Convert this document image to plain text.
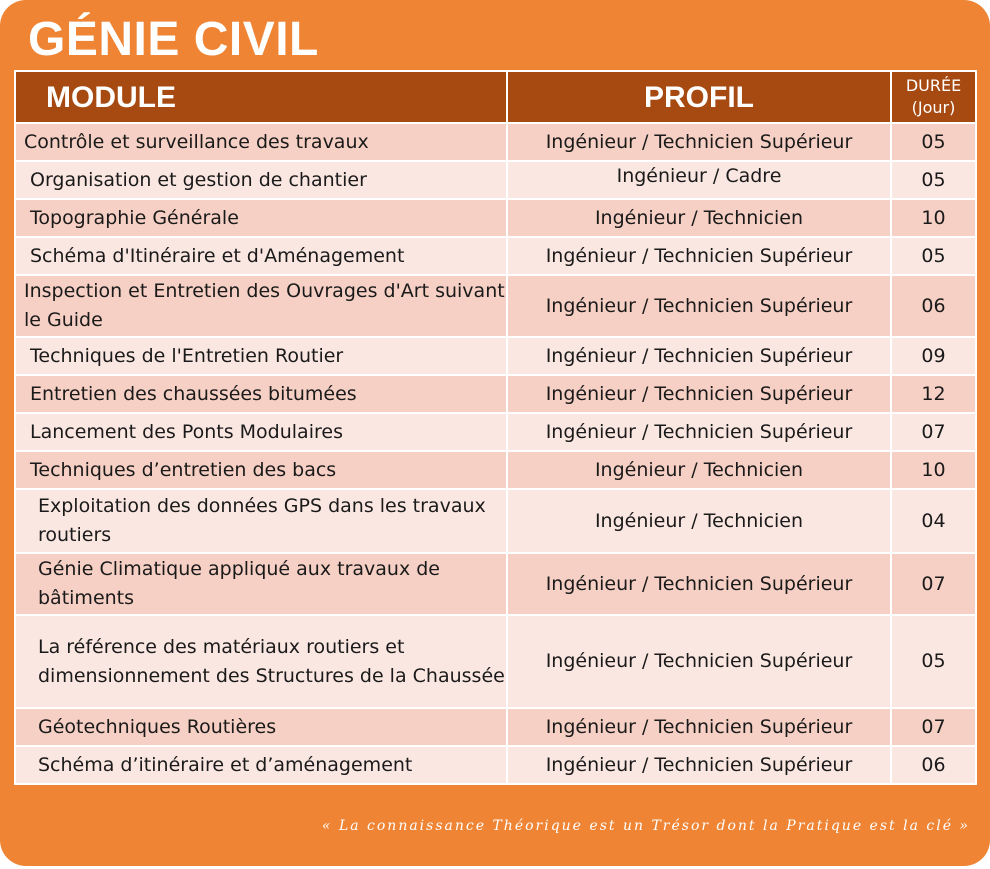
GÉNIE CIVIL
MODULE	PROFIL	DURÉE
(Jour)
Contrôle et surveillance des travaux	Ingénieur / Technicien Supérieur	05
Organisation et gestion de chantier	Ingénieur / Cadre	05
Topographie Générale	Ingénieur / Technicien	10
Schéma d'Itinéraire et d'Aménagement	Ingénieur / Technicien Supérieur	05
Inspection et Entretien des Ouvrages d'Art suivant le Guide	Ingénieur / Technicien Supérieur	06
Techniques de l'Entretien Routier	Ingénieur / Technicien Supérieur	09
Entretien des chaussées bitumées	Ingénieur / Technicien Supérieur	12
Lancement des Ponts Modulaires	Ingénieur / Technicien Supérieur	07
Techniques d’entretien des bacs	Ingénieur / Technicien	10
Exploitation des données GPS dans les travaux routiers	Ingénieur / Technicien	04
Génie Climatique appliqué aux travaux de bâtiments	Ingénieur / Technicien Supérieur	07
La référence des matériaux routiers et dimensionnement des Structures de la Chaussée	Ingénieur / Technicien Supérieur	05
Géotechniques Routières	Ingénieur / Technicien Supérieur	07
Schéma d’itinéraire et d’aménagement	Ingénieur / Technicien Supérieur	06
« La connaissance Théorique est un Trésor dont la Pratique est la clé »
